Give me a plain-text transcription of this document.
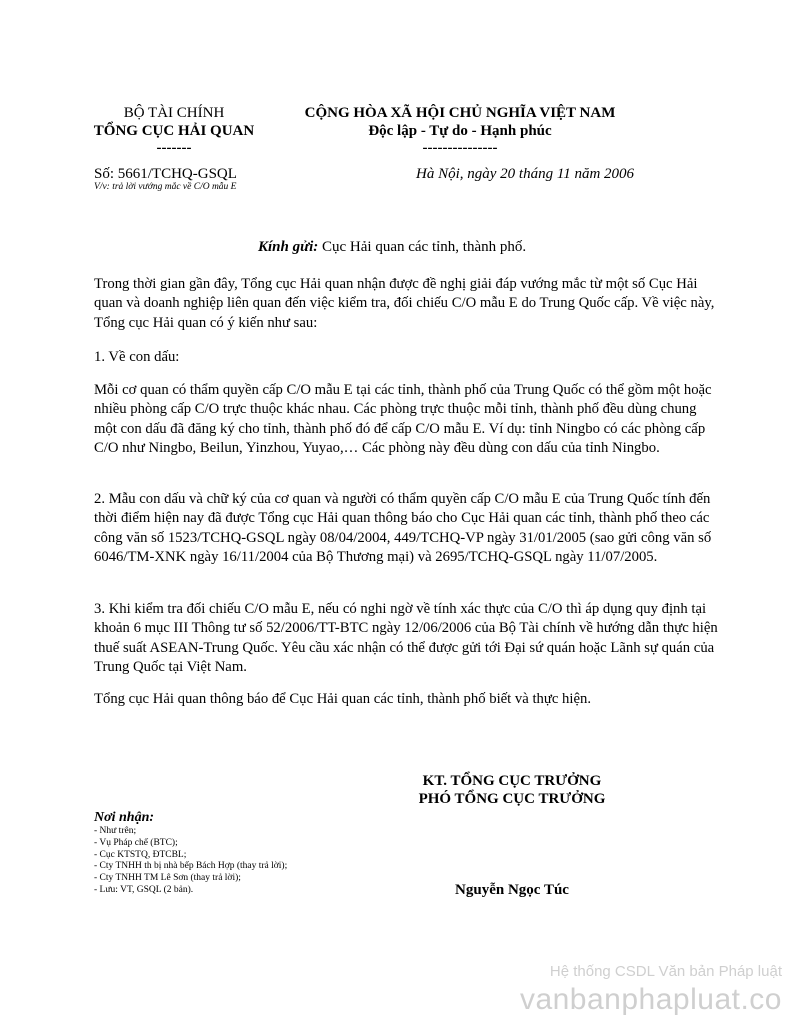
BỘ TÀI CHÍNH
TỔNG CỤC HẢI QUAN
-------
Số: 5661/TCHQ-GSQL
V/v: trả lời vướng mắc về C/O mẫu E
CỘNG HÒA XÃ HỘI CHỦ NGHĨA VIỆT NAM
Độc lập - Tự do - Hạnh phúc
---------------
Hà Nội, ngày 20 tháng 11 năm 2006
Kính gửi: Cục Hải quan các tỉnh, thành phố.
Trong thời gian gần đây, Tổng cục Hải quan nhận được đề nghị giải đáp vướng mắc từ một số Cục Hải quan và doanh nghiệp liên quan đến việc kiểm tra, đối chiếu C/O mẫu E do Trung Quốc cấp. Về việc này, Tổng cục Hải quan có ý kiến như sau:
1. Về con dấu:
Mỗi cơ quan có thẩm quyền cấp C/O mẫu E tại các tỉnh, thành phố của Trung Quốc có thể gồm một hoặc nhiều phòng cấp C/O trực thuộc khác nhau. Các phòng trực thuộc mỗi tỉnh, thành phố đều dùng chung một con dấu đã đăng ký cho tỉnh, thành phố đó để cấp C/O mẫu E. Ví dụ: tỉnh Ningbo có các phòng cấp C/O như Ningbo, Beilun, Yinzhou, Yuyao,… Các phòng này đều dùng con dấu của tỉnh Ningbo.
2. Mẫu con dấu và chữ ký của cơ quan và người có thẩm quyền cấp C/O mẫu E của Trung Quốc tính đến thời điểm hiện nay đã được Tổng cục Hải quan thông báo cho Cục Hải quan các tỉnh, thành phố theo các công văn số 1523/TCHQ-GSQL ngày 08/04/2004, 449/TCHQ-VP ngày 31/01/2005 (sao gửi công văn số 6046/TM-XNK ngày 16/11/2004 của Bộ Thương mại) và 2695/TCHQ-GSQL ngày 11/07/2005.
3. Khi kiểm tra đối chiếu C/O mẫu E, nếu có nghi ngờ về tính xác thực của C/O thì áp dụng quy định tại khoản 6 mục III Thông tư số 52/2006/TT-BTC ngày 12/06/2006 của Bộ Tài chính về hướng dẫn thực hiện thuế suất ASEAN-Trung Quốc. Yêu cầu xác nhận có thể được gửi tới Đại sứ quán hoặc Lãnh sự quán của Trung Quốc tại Việt Nam.
Tổng cục Hải quan thông báo để Cục Hải quan các tỉnh, thành phố biết và thực hiện.
KT. TỔNG CỤC TRƯỞNG
PHÓ TỔNG CỤC TRƯỞNG
Nguyễn Ngọc Túc
Nơi nhận:
- Như trên;
- Vụ Pháp chế (BTC);
- Cục KTSTQ, ĐTCBL;
- Cty TNHH th bị nhà bếp Bách Hợp (thay trả lời);
- Cty TNHH TM Lê Sơn (thay trả lời);
- Lưu: VT, GSQL (2 bản).
Hệ thống CSDL Văn bản Pháp luật
vanbanphapluat.co
